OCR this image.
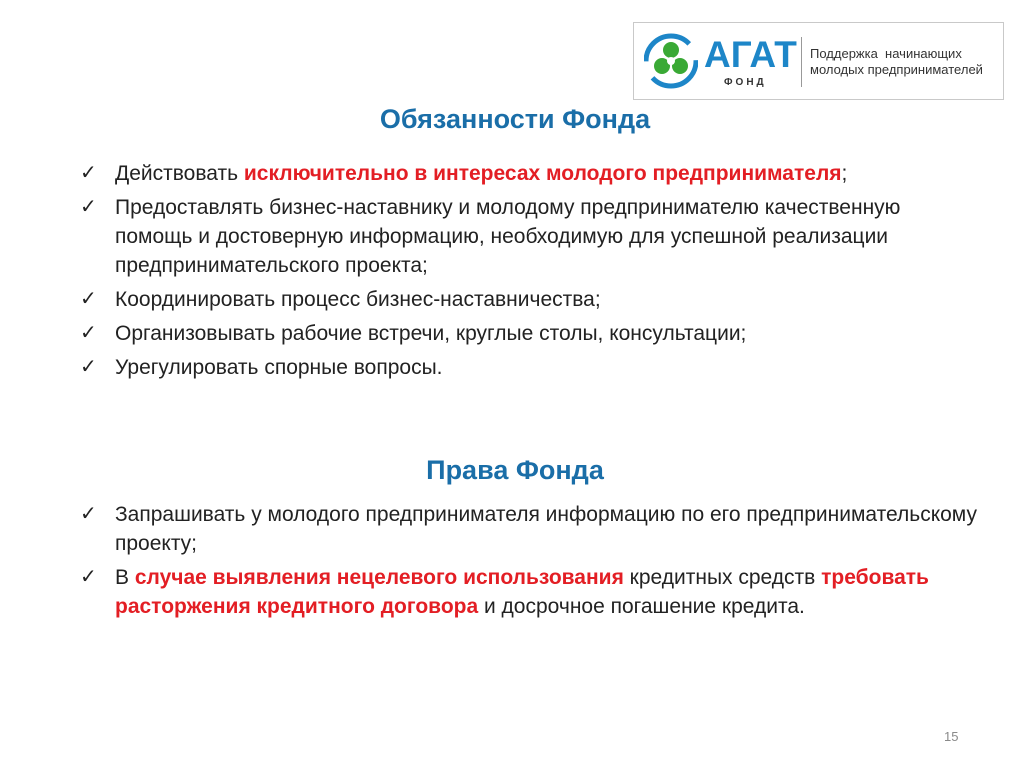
АГАТ
ФОНД
Поддержка  начинающих
молодых предпринимателей
Обязанности Фонда
✓ Действовать исключительно в интересах молодого предпринимателя;
✓ Предоставлять бизнес-наставнику и молодому предпринимателю качественную помощь и достоверную информацию, необходимую для успешной реализации предпринимательского проекта;
✓ Координировать процесс бизнес-наставничества;
✓ Организовывать рабочие встречи, круглые столы, консультации;
✓ Урегулировать спорные вопросы.
Права Фонда
✓ Запрашивать у молодого предпринимателя информацию по его предпринимательскому проекту;
✓ В случае выявления нецелевого использования кредитных средств требовать расторжения кредитного договора и досрочное погашение кредита.
15
